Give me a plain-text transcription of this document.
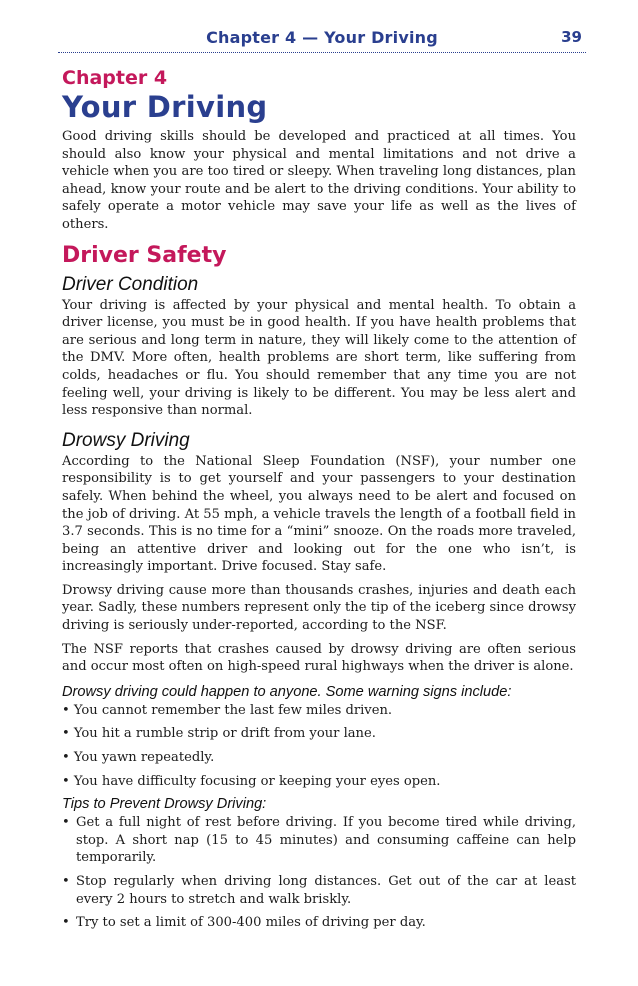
Chapter 4 — Your Driving	39
Chapter 4
Your Driving

Good driving skills should be developed and practiced at all times. You should also know your physical and mental limitations and not drive a vehicle when you are too tired or sleepy. When traveling long distances, plan ahead, know your route and be alert to the driving conditions. Your ability to safely operate a motor vehicle may save your life as well as the lives of others.

Driver Safety
Driver Condition

Your driving is affected by your physical and mental health. To obtain a driver license, you must be in good health. If you have health problems that are serious and long term in nature, they will likely come to the attention of the DMV. More often, health problems are short term, like suffering from colds, headaches or flu. You should remember that any time you are not feeling well, your driving is likely to be different. You may be less alert and less responsive than normal.

Drowsy Driving

According to the National Sleep Foundation (NSF), your number one responsibility is to get yourself and your passengers to your destination safely. When behind the wheel, you always need to be alert and focused on the job of driving. At 55 mph, a vehicle travels the length of a football field in 3.7 seconds. This is no time for a “mini” snooze. On the roads more traveled, being an attentive driver and looking out for the one who isn’t, is increasingly important. Drive focused. Stay safe.

Drowsy driving cause more than thousands crashes, injuries and death each year. Sadly, these numbers represent only the tip of the iceberg since drowsy driving is seriously under-reported, according to the NSF.

The NSF reports that crashes caused by drowsy driving are often serious and occur most often on high-speed rural highways when the driver is alone.

Drowsy driving could happen to anyone. Some warning signs include:
• You cannot remember the last few miles driven.
• You hit a rumble strip or drift from your lane.
• You yawn repeatedly.
• You have difficulty focusing or keeping your eyes open.
Tips to Prevent Drowsy Driving:
• Get a full night of rest before driving. If you become tired while driving, stop. A short nap (15 to 45 minutes) and consuming caffeine can help temporarily.
• Stop regularly when driving long distances. Get out of the car at least every 2 hours to stretch and walk briskly.
• Try to set a limit of 300-400 miles of driving per day.
